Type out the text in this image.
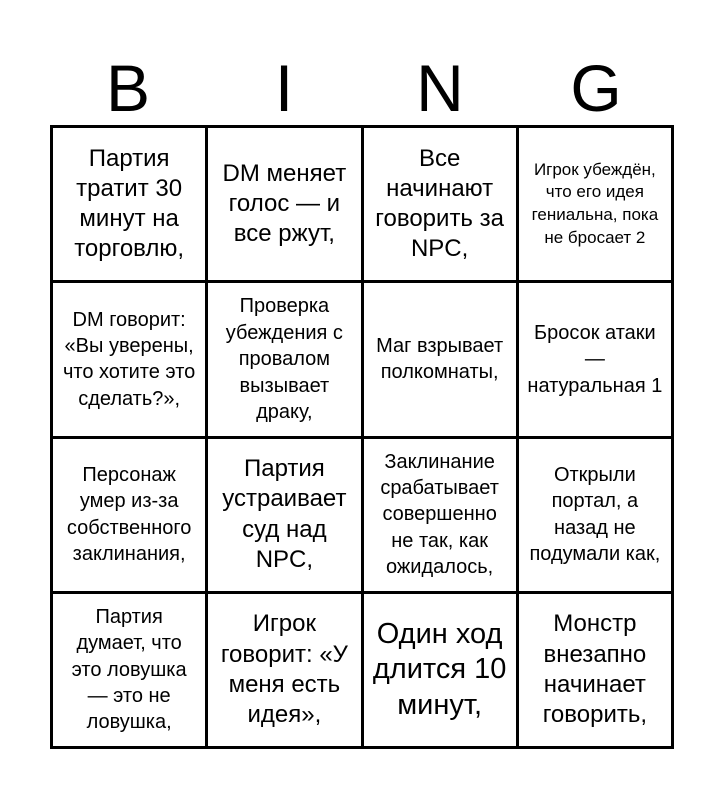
B	I	N	G
Партия тратит 30 минут на торговлю,
DM меняет голос — и все ржут,
Все начинают говорить за NPC,
Игрок убеждён, что его идея гениальна, пока не бросает 2
DM говорит: «Вы уверены, что хотите это сделать?»,
Проверка убеждения с провалом вызывает драку,
Маг взрывает полкомнаты,
Бросок атаки — натуральная 1
Персонаж умер из-за собственного заклинания,
Партия устраивает суд над NPC,
Заклинание срабатывает совершенно не так, как ожидалось,
Открыли портал, а назад не подумали как,
Партия думает, что это ловушка — это не ловушка,
Игрок говорит: «У меня есть идея»,
Один ход длится 10 минут,
Монстр внезапно начинает говорить,
